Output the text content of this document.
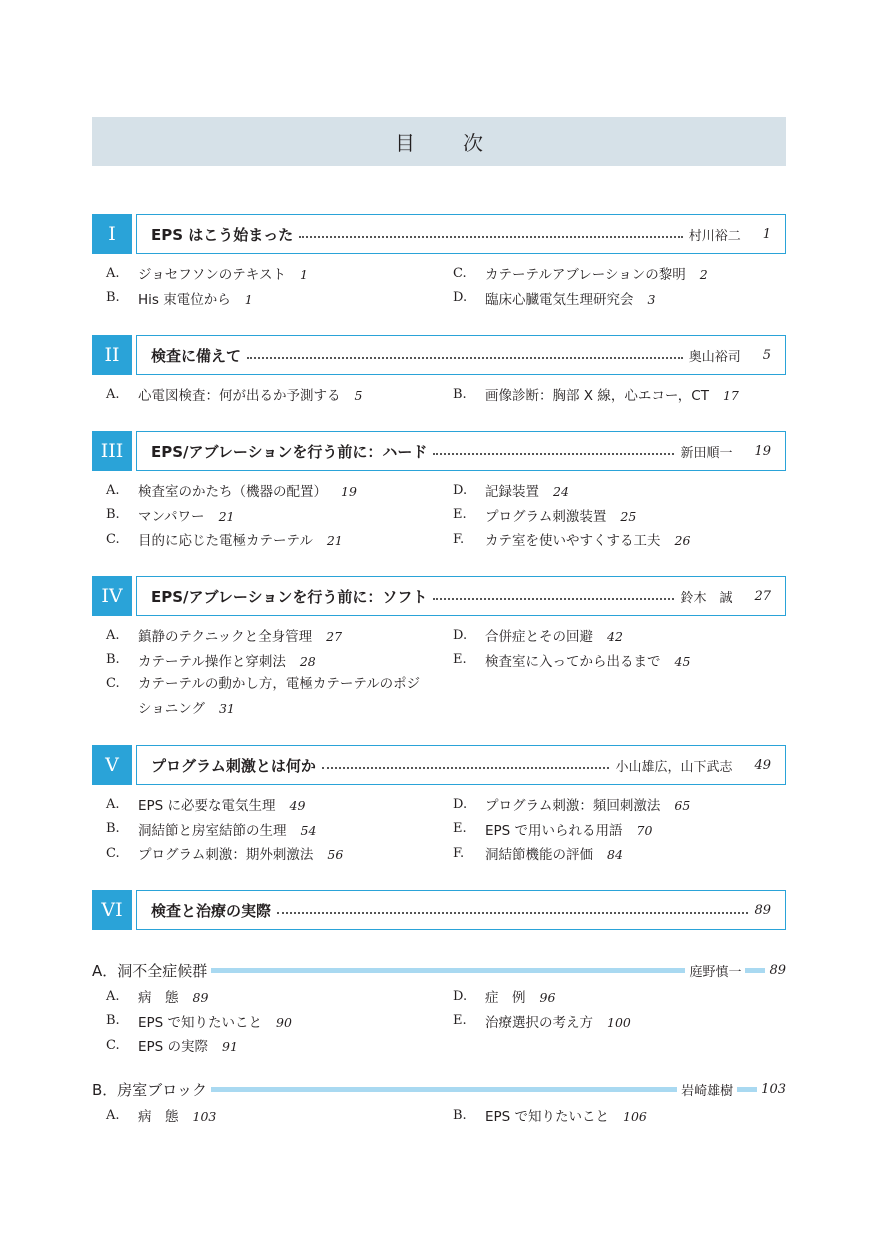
目　次
I	EPS はこう始まった	村川裕二 1
A.	ジョセフソンのテキスト 1	C.	カテーテルアブレーションの黎明 2
B.	His 束電位から 1	D.	臨床心臓電気生理研究会 3
II	検査に備えて	奥山裕司 5
A.	心電図検査：何が出るか予測する 5	B.	画像診断：胸部 X 線，心エコー，CT 17
III	EPS/アブレーションを行う前に：ハード	新田順一 19
A.	検査室のかたち（機器の配置） 19	D.	記録装置 24
B.	マンパワー 21	E.	プログラム刺激装置 25
C.	目的に応じた電極カテーテル 21	F.	カテ室を使いやすくする工夫 26
IV	EPS/アブレーションを行う前に：ソフト	鈴木　誠 27
A.	鎮静のテクニックと全身管理 27	D.	合併症とその回避 42
B.	カテーテル操作と穿刺法 28	E.	検査室に入ってから出るまで 45
C.	カテーテルの動かし方，電極カテーテルのポジショニング 31
V	プログラム刺激とは何か	小山雄広，山下武志 49
A.	EPS に必要な電気生理 49	D.	プログラム刺激：頻回刺激法 65
B.	洞結節と房室結節の生理 54	E.	EPS で用いられる用語 70
C.	プログラム刺激：期外刺激法 56	F.	洞結節機能の評価 84
VI	検査と治療の実際	89
A．洞不全症候群	庭野慎一 89
A.	病　態 89	D.	症　例 96
B.	EPS で知りたいこと 90	E.	治療選択の考え方 100
C.	EPS の実際 91
B．房室ブロック	岩崎雄樹 103
A.	病　態 103	B.	EPS で知りたいこと 106
